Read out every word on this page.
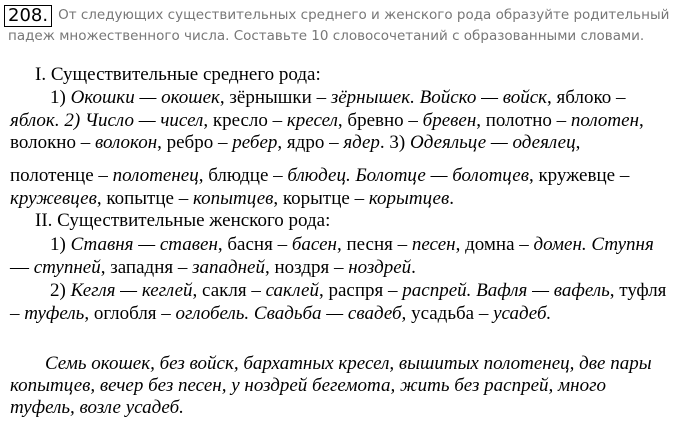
208. От следующих существительных среднего и женского рода образуйте родительный
падеж множественного числа. Составьте 10 словосочетаний с образованными словами.
I. Существительные среднего рода:
1) Окошки — окошек, зёрнышки – зёрнышек. Войско — войск, яблоко –
яблок. 2) Число — чисел, кресло – кресел, бревно – бревен, полотно – полотен,
волокно – волокон, ребро – ребер, ядро – ядер. 3) Одеяльце — одеялец,
полотенце – полотенец, блюдце – блюдец. Болотце — болотцев, кружевце –
кружевцев, копытце – копытцев, корытце – корытцев.
II. Существительные женского рода:
1) Ставня — ставен, басня – басен, песня – песен, домна – домен. Ступня
— ступней, западня – западней, ноздря – ноздрей.
2) Кегля — кеглей, сакля – саклей, распря – распрей. Вафля — вафель, туфля
– туфель, оглобля – оглобель. Свадьба — свадеб, усадьба – усадеб.
Семь окошек, без войск, бархатных кресел, вышитых полотенец, две пары
копытцев, вечер без песен, у ноздрей бегемота, жить без распрей, много
туфель, возле усадеб.
